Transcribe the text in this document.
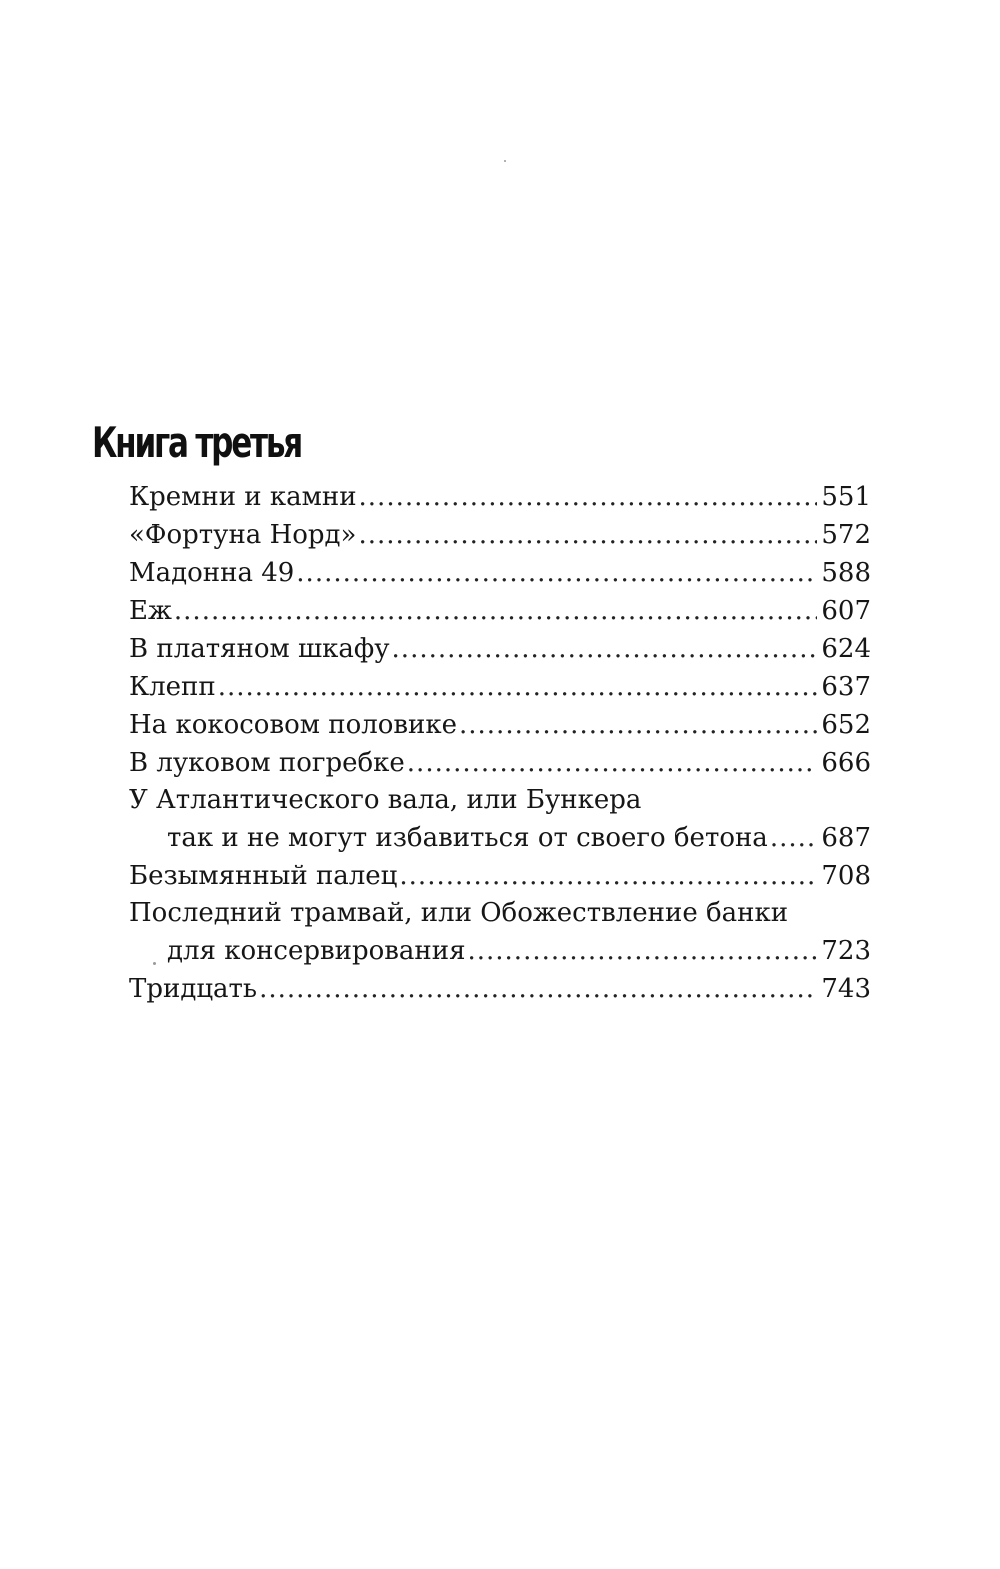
Книга третья
Кремни и камни .....	551
«Фортуна Норд» .....	572
Мадонна 49 .....	588
Еж .....	607
В платяном шкафу .....	624
Клепп .....	637
На кокосовом половике .....	652
В луковом погребке .....	666
У Атлантического вала, или Бункера
так и не могут избавиться от своего бетона ..... 687
Безымянный палец .....	708
Последний трамвай, или Обожествление банки
для консервирования .....	723
Тридцать .....	743
